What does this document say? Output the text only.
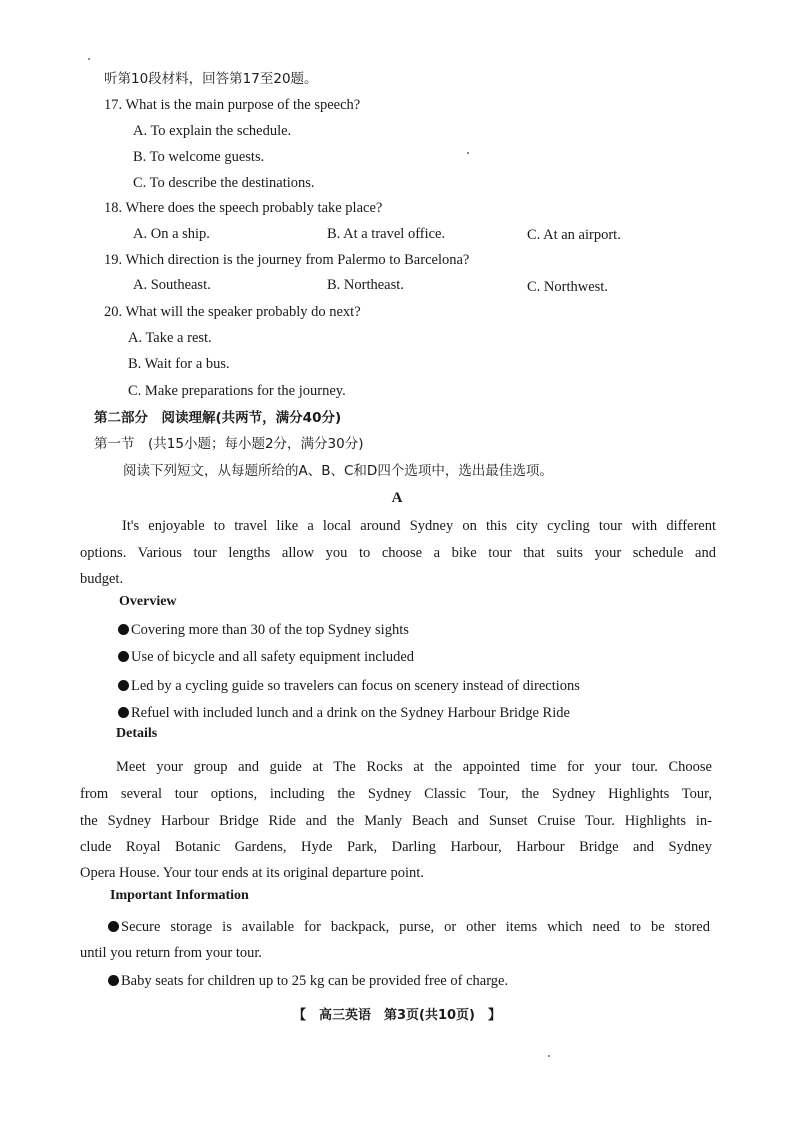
听第10段材料，回答第17至20题。
17. What is the main purpose of the speech?
A. To explain the schedule.
B. To welcome guests.
C. To describe the destinations.
18. Where does the speech probably take place?
A. On a ship.	B. At a travel office.	C. At an airport.
19. Which direction is the journey from Palermo to Barcelona?
A. Southeast.	B. Northeast.	C. Northwest.
20. What will the speaker probably do next?
A. Take a rest.
B. Wait for a bus.
C. Make preparations for the journey.
第二部分　阅读理解(共两节，满分40分)
第一节　(共15小题；每小题2分，满分30分)
阅读下列短文，从每题所给的A、B、C和D四个选项中，选出最佳选项。
A
It's enjoyable to travel like a local around Sydney on this city cycling tour with different
options. Various tour lengths allow you to choose a bike tour that suits your schedule and
budget.
Overview
Covering more than 30 of the top Sydney sights
Use of bicycle and all safety equipment included
Led by a cycling guide so travelers can focus on scenery instead of directions
Refuel with included lunch and a drink on the Sydney Harbour Bridge Ride
Details
Meet your group and guide at The Rocks at the appointed time for your tour. Choose
from several tour options, including the Sydney Classic Tour, the Sydney Highlights Tour,
the Sydney Harbour Bridge Ride and the Manly Beach and Sunset Cruise Tour. Highlights in-
clude Royal Botanic Gardens, Hyde Park, Darling Harbour, Harbour Bridge and Sydney
Opera House. Your tour ends at its original departure point.
Important Information
Secure storage is available for backpack, purse, or other items which need to be stored
until you return from your tour.
Baby seats for children up to 25 kg can be provided free of charge.
【　高三英语　第3页(共10页)　】
